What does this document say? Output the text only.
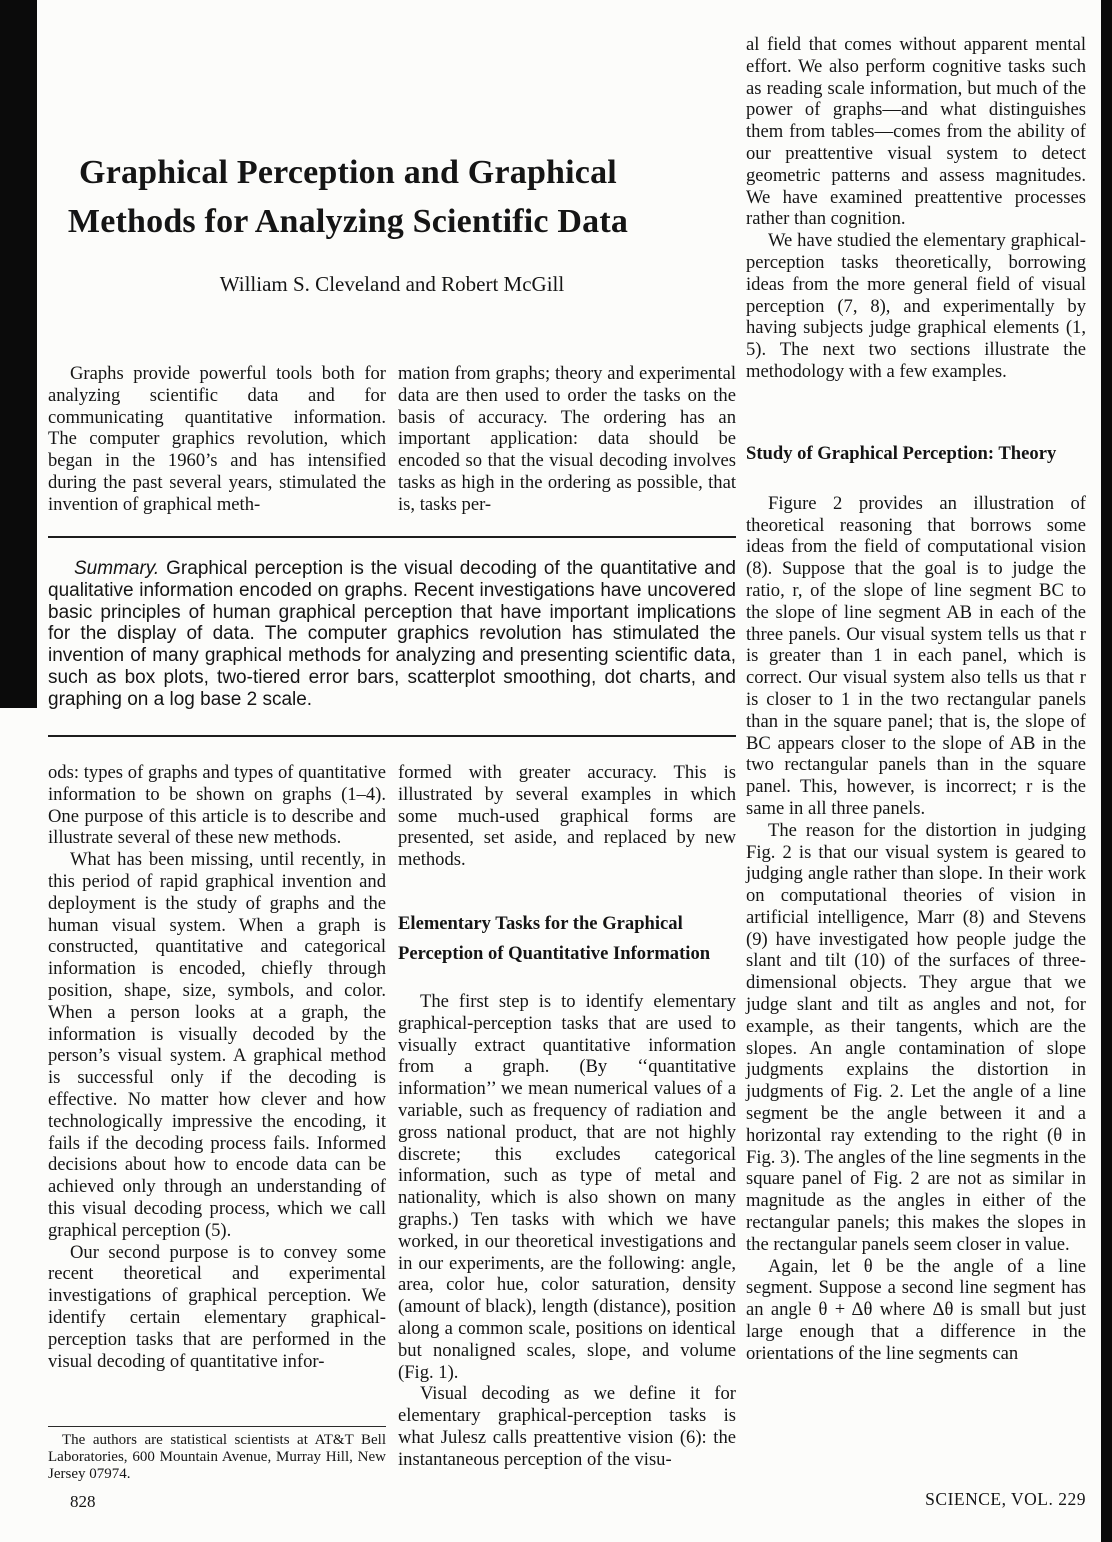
Graphical Perception and Graphical
Methods for Analyzing Scientific Data
William S. Cleveland and Robert McGill

Graphs provide powerful tools both for analyzing scientific data and for communicating quantitative information. The computer graphics revolution, which began in the 1960’s and has intensified during the past several years, stimulated the invention of graphical meth-

mation from graphs; theory and experimental data are then used to order the tasks on the basis of accuracy. The ordering has an important application: data should be encoded so that the visual decoding involves tasks as high in the ordering as possible, that is, tasks per-

Summary. Graphical perception is the visual decoding of the quantitative and qualitative information encoded on graphs. Recent investigations have uncovered basic principles of human graphical perception that have important implications for the display of data. The computer graphics revolution has stimulated the invention of many graphical methods for analyzing and presenting scientific data, such as box plots, two-tiered error bars, scatterplot smoothing, dot charts, and graphing on a log base 2 scale.

ods: types of graphs and types of quantitative information to be shown on graphs (1–4). One purpose of this article is to describe and illustrate several of these new methods.

What has been missing, until recently, in this period of rapid graphical invention and deployment is the study of graphs and the human visual system. When a graph is constructed, quantitative and categorical information is encoded, chiefly through position, shape, size, symbols, and color. When a person looks at a graph, the information is visually decoded by the person’s visual system. A graphical method is successful only if the decoding is effective. No matter how clever and how technologically impressive the encoding, it fails if the decoding process fails. Informed decisions about how to encode data can be achieved only through an understanding of this visual decoding process, which we call graphical perception (5).

Our second purpose is to convey some recent theoretical and experimental investigations of graphical perception. We identify certain elementary graphical-perception tasks that are performed in the visual decoding of quantitative infor-

formed with greater accuracy. This is illustrated by several examples in which some much-used graphical forms are presented, set aside, and replaced by new methods.

Elementary Tasks for the Graphical
Perception of Quantitative Information

The first step is to identify elementary graphical-perception tasks that are used to visually extract quantitative information from a graph. (By ‘‘quantitative information’’ we mean numerical values of a variable, such as frequency of radiation and gross national product, that are not highly discrete; this excludes categorical information, such as type of metal and nationality, which is also shown on many graphs.) Ten tasks with which we have worked, in our theoretical investigations and in our experiments, are the following: angle, area, color hue, color saturation, density (amount of black), length (distance), position along a common scale, positions on identical but nonaligned scales, slope, and volume (Fig. 1).

Visual decoding as we define it for elementary graphical-perception tasks is what Julesz calls preattentive vision (6): the instantaneous perception of the visu-

al field that comes without apparent mental effort. We also perform cognitive tasks such as reading scale information, but much of the power of graphs—and what distinguishes them from tables—comes from the ability of our preattentive visual system to detect geometric patterns and assess magnitudes. We have examined preattentive processes rather than cognition.

We have studied the elementary graphical-perception tasks theoretically, borrowing ideas from the more general field of visual perception (7, 8), and experimentally by having subjects judge graphical elements (1, 5). The next two sections illustrate the methodology with a few examples.

Study of Graphical Perception: Theory

Figure 2 provides an illustration of theoretical reasoning that borrows some ideas from the field of computational vision (8). Suppose that the goal is to judge the ratio, r, of the slope of line segment BC to the slope of line segment AB in each of the three panels. Our visual system tells us that r is greater than 1 in each panel, which is correct. Our visual system also tells us that r is closer to 1 in the two rectangular panels than in the square panel; that is, the slope of BC appears closer to the slope of AB in the two rectangular panels than in the square panel. This, however, is incorrect; r is the same in all three panels.

The reason for the distortion in judging Fig. 2 is that our visual system is geared to judging angle rather than slope. In their work on computational theories of vision in artificial intelligence, Marr (8) and Stevens (9) have investigated how people judge the slant and tilt (10) of the surfaces of three-dimensional objects. They argue that we judge slant and tilt as angles and not, for example, as their tangents, which are the slopes. An angle contamination of slope judgments explains the distortion in judgments of Fig. 2. Let the angle of a line segment be the angle between it and a horizontal ray extending to the right (θ in Fig. 3). The angles of the line segments in the square panel of Fig. 2 are not as similar in magnitude as the angles in either of the rectangular panels; this makes the slopes in the rectangular panels seem closer in value.

Again, let θ be the angle of a line segment. Suppose a second line segment has an angle θ + Δθ where Δθ is small but just large enough that a difference in the orientations of the line segments can

The authors are statistical scientists at AT&T Bell Laboratories, 600 Mountain Avenue, Murray Hill, New Jersey 07974.

828	SCIENCE, VOL. 229
